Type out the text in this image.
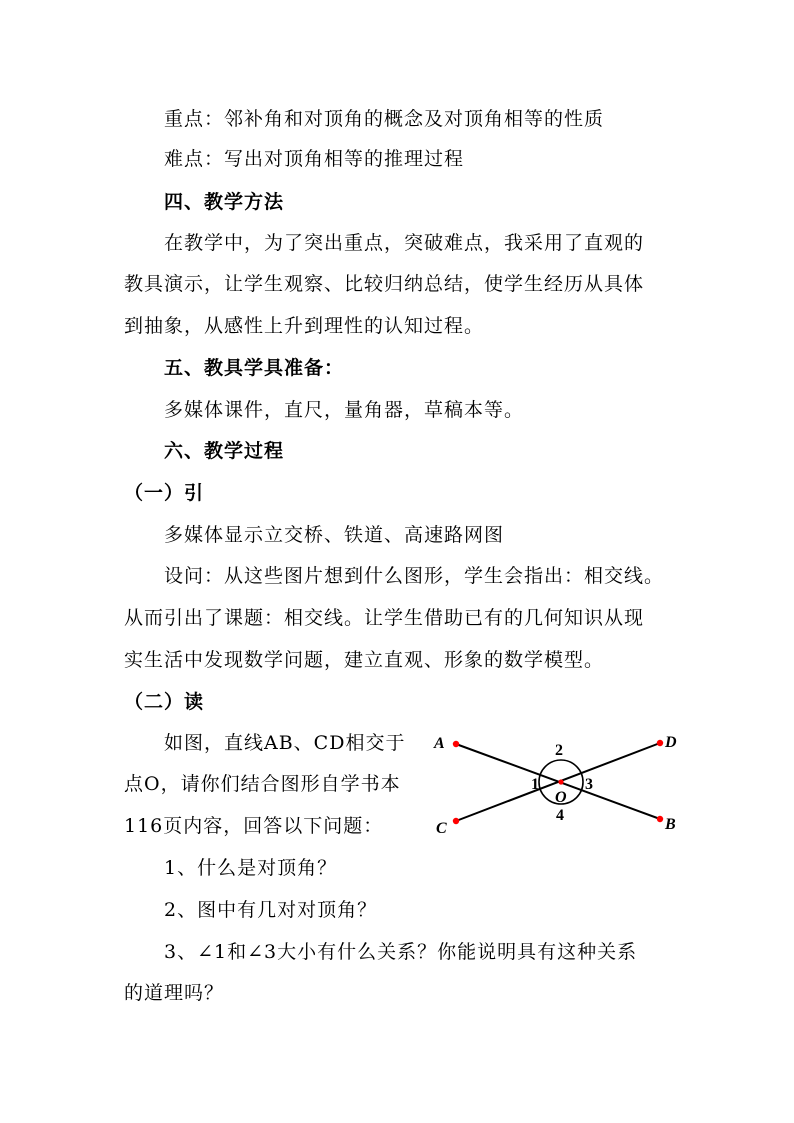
重点：邻补角和对顶角的概念及对顶角相等的性质
难点：写出对顶角相等的推理过程
四、教学方法
在教学中，为了突出重点，突破难点，我采用了直观的
教具演示，让学生观察、比较归纳总结，使学生经历从具体
到抽象，从感性上升到理性的认知过程。
五、教具学具准备：
多媒体课件，直尺，量角器，草稿本等。
六、教学过程
（一）引
多媒体显示立交桥、铁道、高速路网图
设问：从这些图片想到什么图形，学生会指出：相交线。
从而引出了课题：相交线。让学生借助已有的几何知识从现
实生活中发现数学问题，建立直观、形象的数学模型。
（二）读
如图，直线AB、CD相交于
点O，请你们结合图形自学书本
116页内容，回答以下问题：
1、什么是对顶角？
2、图中有几对对顶角？
3、∠1和∠3大小有什么关系？你能说明具有这种关系
的道理吗？
A	D
C	B
O
2
1	3
4
